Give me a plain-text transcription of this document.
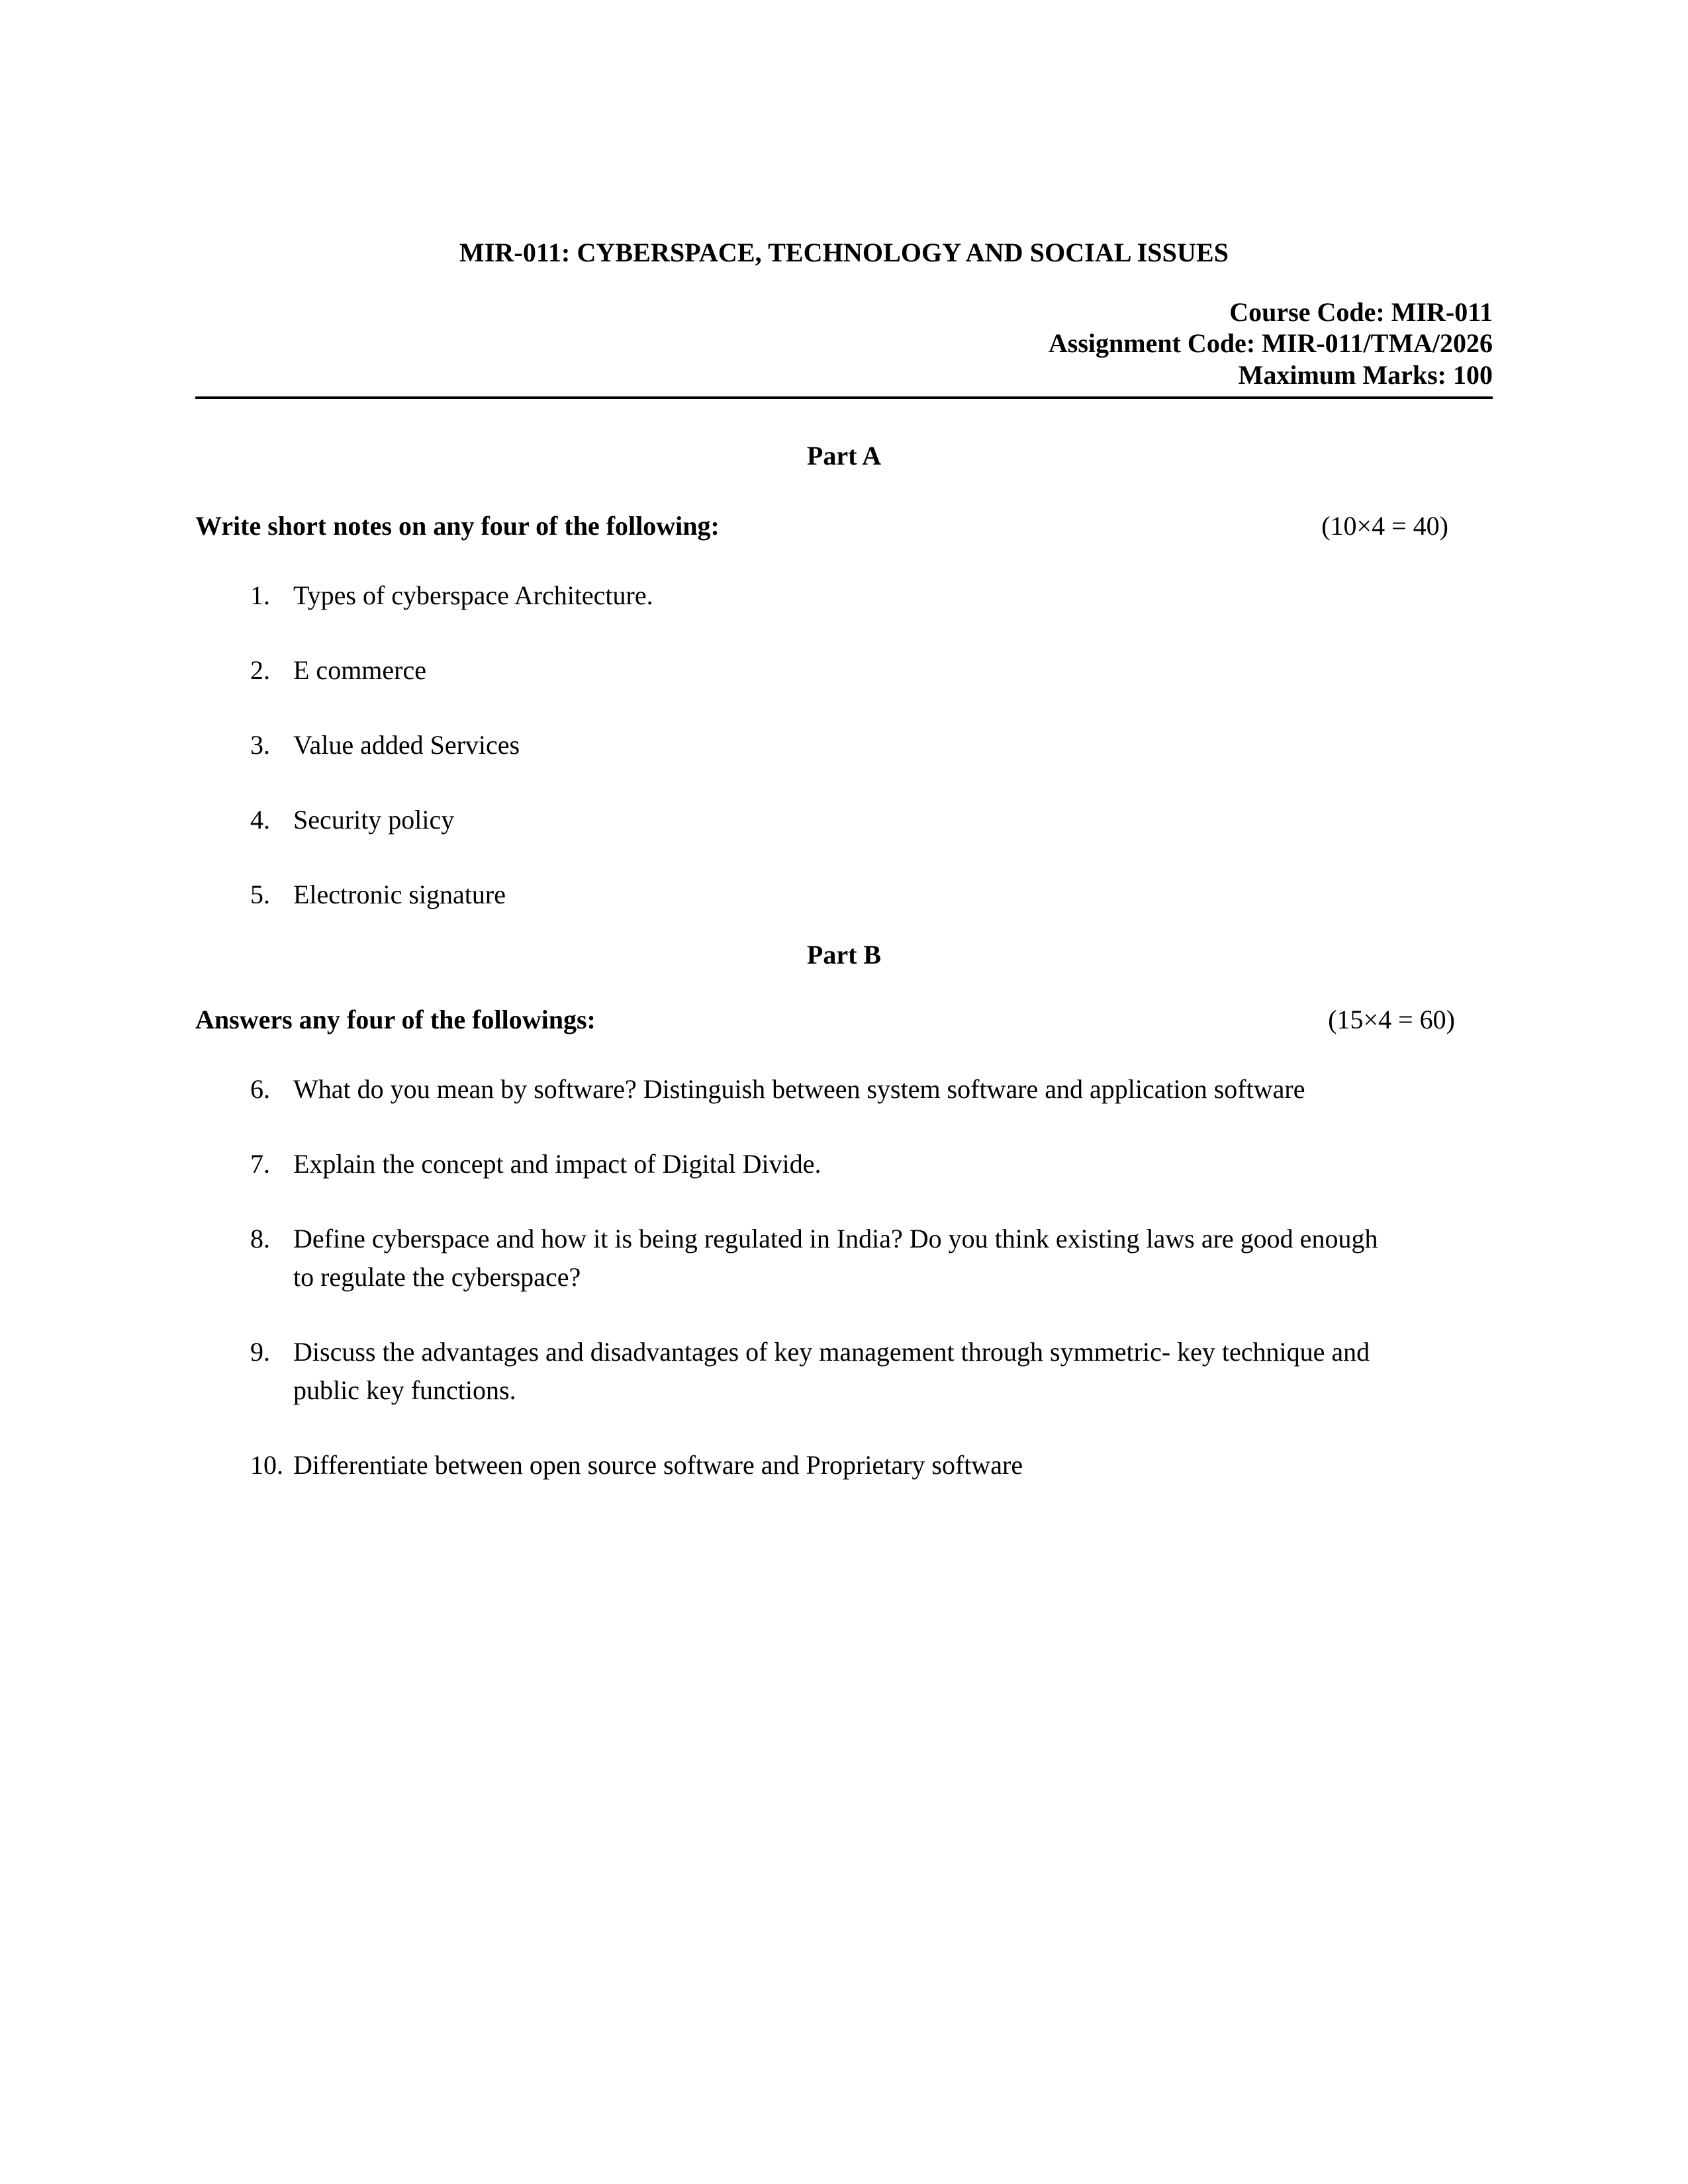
MIR-011: CYBERSPACE, TECHNOLOGY AND SOCIAL ISSUES
Course Code: MIR-011
Assignment Code: MIR-011/TMA/2026
Maximum Marks: 100
Part A
Write short notes on any four of the following:	(10×4 = 40)
1. Types of cyberspace Architecture.
2. E commerce
3. Value added Services
4. Security policy
5. Electronic signature
Part B
Answers any four of the followings:	(15×4 = 60)
6. What do you mean by software? Distinguish between system software and application software
7. Explain the concept and impact of Digital Divide.
8. Define cyberspace and how it is being regulated in India? Do you think existing laws are good enough to regulate the cyberspace?
9. Discuss the advantages and disadvantages of key management through symmetric- key technique and public key functions.
10. Differentiate between open source software and Proprietary software
